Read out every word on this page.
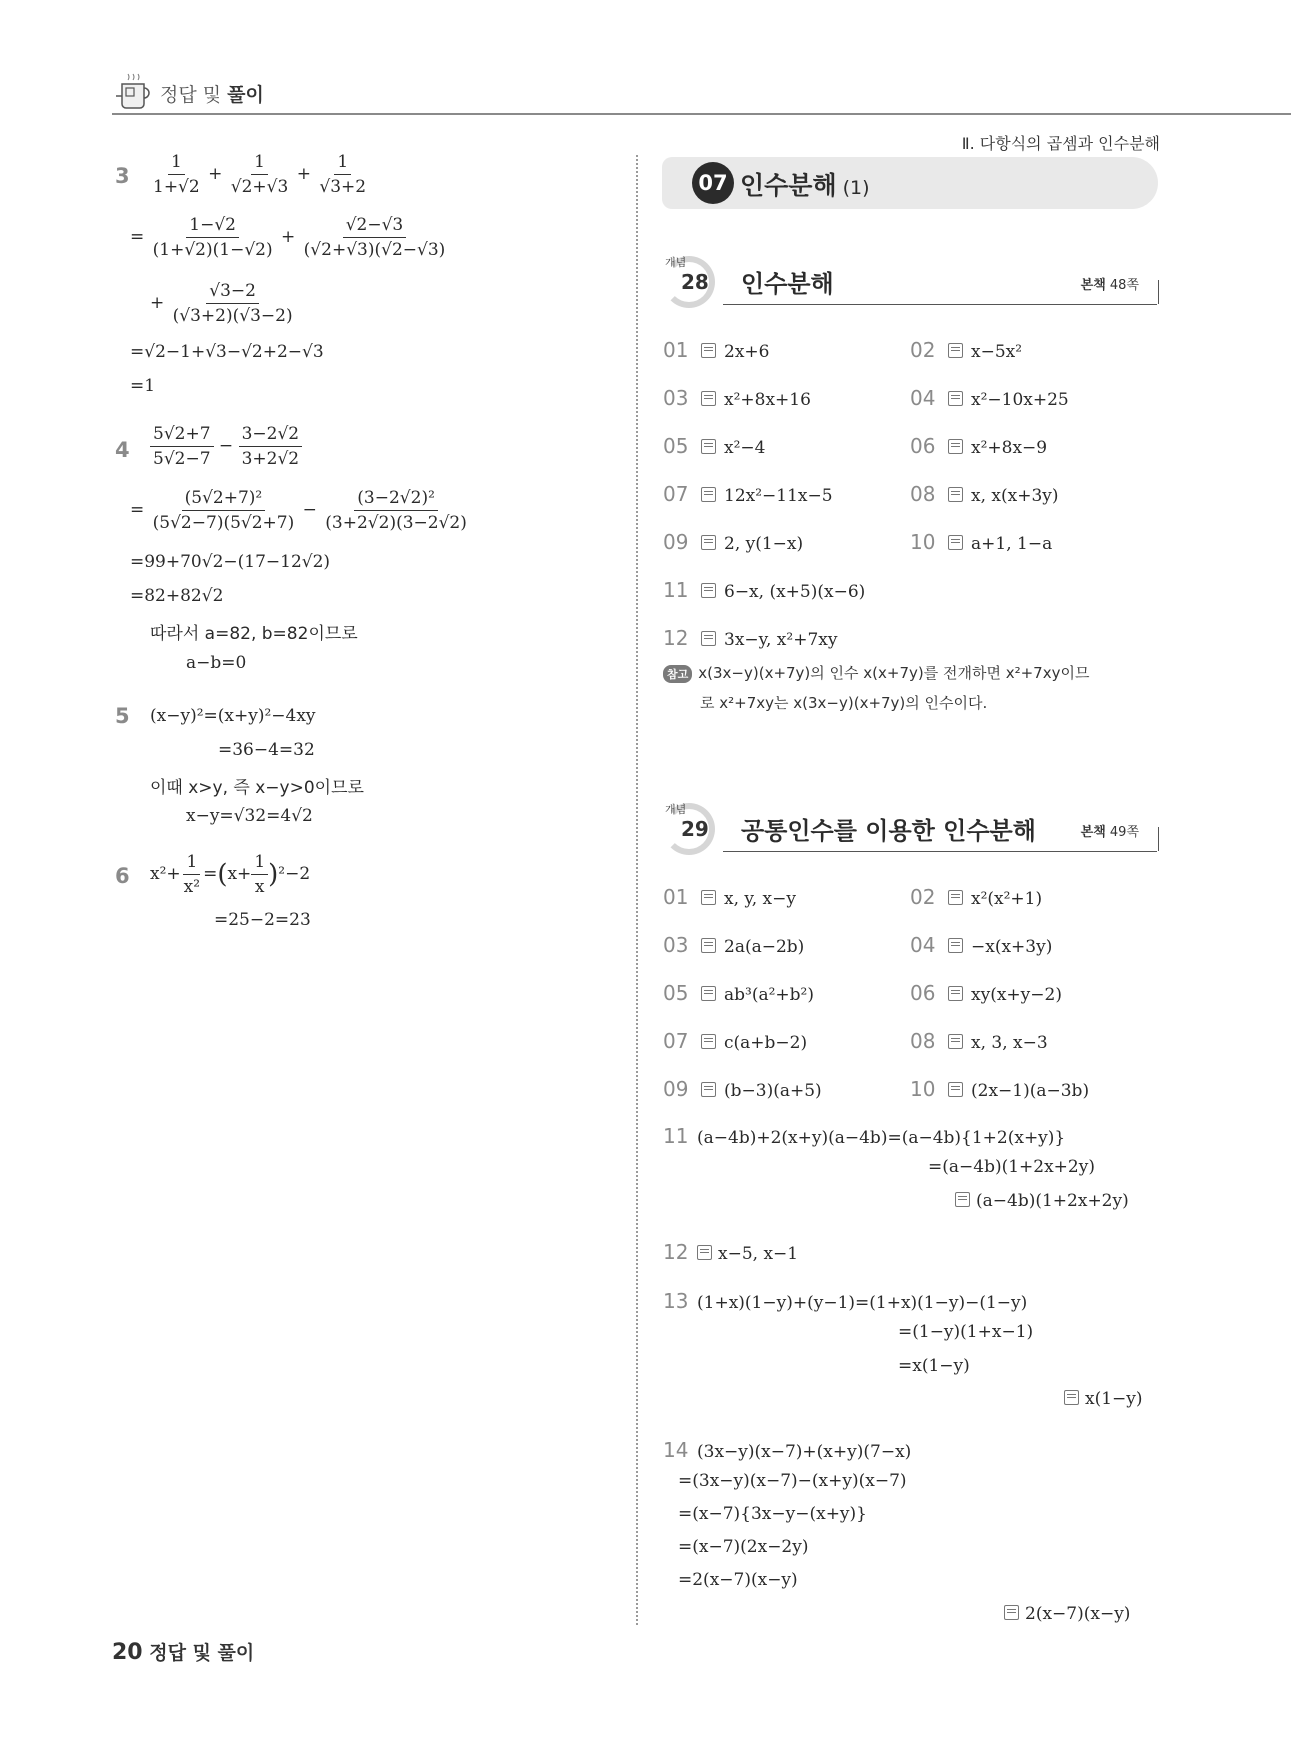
정답 및 풀이
Ⅱ. 다항식의 곱셈과 인수분해
$3 \frac{1}{1+√2} + \frac{1}{√2+√3} + \frac{1}{√3+2}$
= $\frac{1-√2}{(1+√2)(1-√2)} + \frac{√2-√3}{(√2+√3)(√2-√3)}$
+ $\frac{√3-2}{(√3+2)(√3-2)}$
=√2−1+√3−√2+2−√3
=1
$4 \frac{5√2+7}{5√2-7} - \frac{3-2√2}{3+2√2}$
= $\frac{\text{(5√2+7)²}}{(5√2-7)(5√2+7)} - \frac{\text{(3−2√2)²}}{(3+2√2)(3-2√2)}$
=99+70√2−(17−12√2)
=82+82√2
따라서 a=82, b=82이므로
a−b=0
5 (x−y)²=(x+y)²−4xy
=36−4=32
이때 x>y, 즉 x−y>0이므로
x−y=√32=4√2
6 $x^2+ \frac{1}{\text{x²}} =(x+ \frac{1}{x} )^2-2$
=25−2=23
07 인수분해 (1)
개념
28 인수분해	본책 48쪽
01 2x+6	02 x−5x²
03 x²+8x+16	04 x²−10x+25
05 x²−4	06 x²+8x−9
07 12x²−11x−5	08 x, x(x+3y)
09 2, y(1−x)	10 a+1, 1−a
11 6−x, (x+5)(x−6)
12 3x−y, x²+7xy
참고 x(3x−y)(x+7y)의 인수 x(x+7y)를 전개하면 x²+7xy이므
로 x²+7xy는 x(3x−y)(x+7y)의 인수이다.
개념
29 공통인수를 이용한 인수분해	본책 49쪽
01 x, y, x−y	02 x²(x²+1)
03 2a(a−2b)	04 −x(x+3y)
05 ab³(a²+b²)	06 xy(x+y−2)
07 c(a+b−2)	08 x, 3, x−3
09 (b−3)(a+5)	10 (2x−1)(a−3b)
11 (a−4b)+2(x+y)(a−4b)=(a−4b){1+2(x+y)}
=(a−4b)(1+2x+2y)
(a−4b)(1+2x+2y)
12 x−5, x−1
13 (1+x)(1−y)+(y−1)=(1+x)(1−y)−(1−y)
=(1−y)(1+x−1)
=x(1−y)
x(1−y)
14 (3x−y)(x−7)+(x+y)(7−x)
=(3x−y)(x−7)−(x+y)(x−7)
=(x−7){3x−y−(x+y)}
=(x−7)(2x−2y)
=2(x−7)(x−y)
2(x−7)(x−y)
20 정답 및 풀이
